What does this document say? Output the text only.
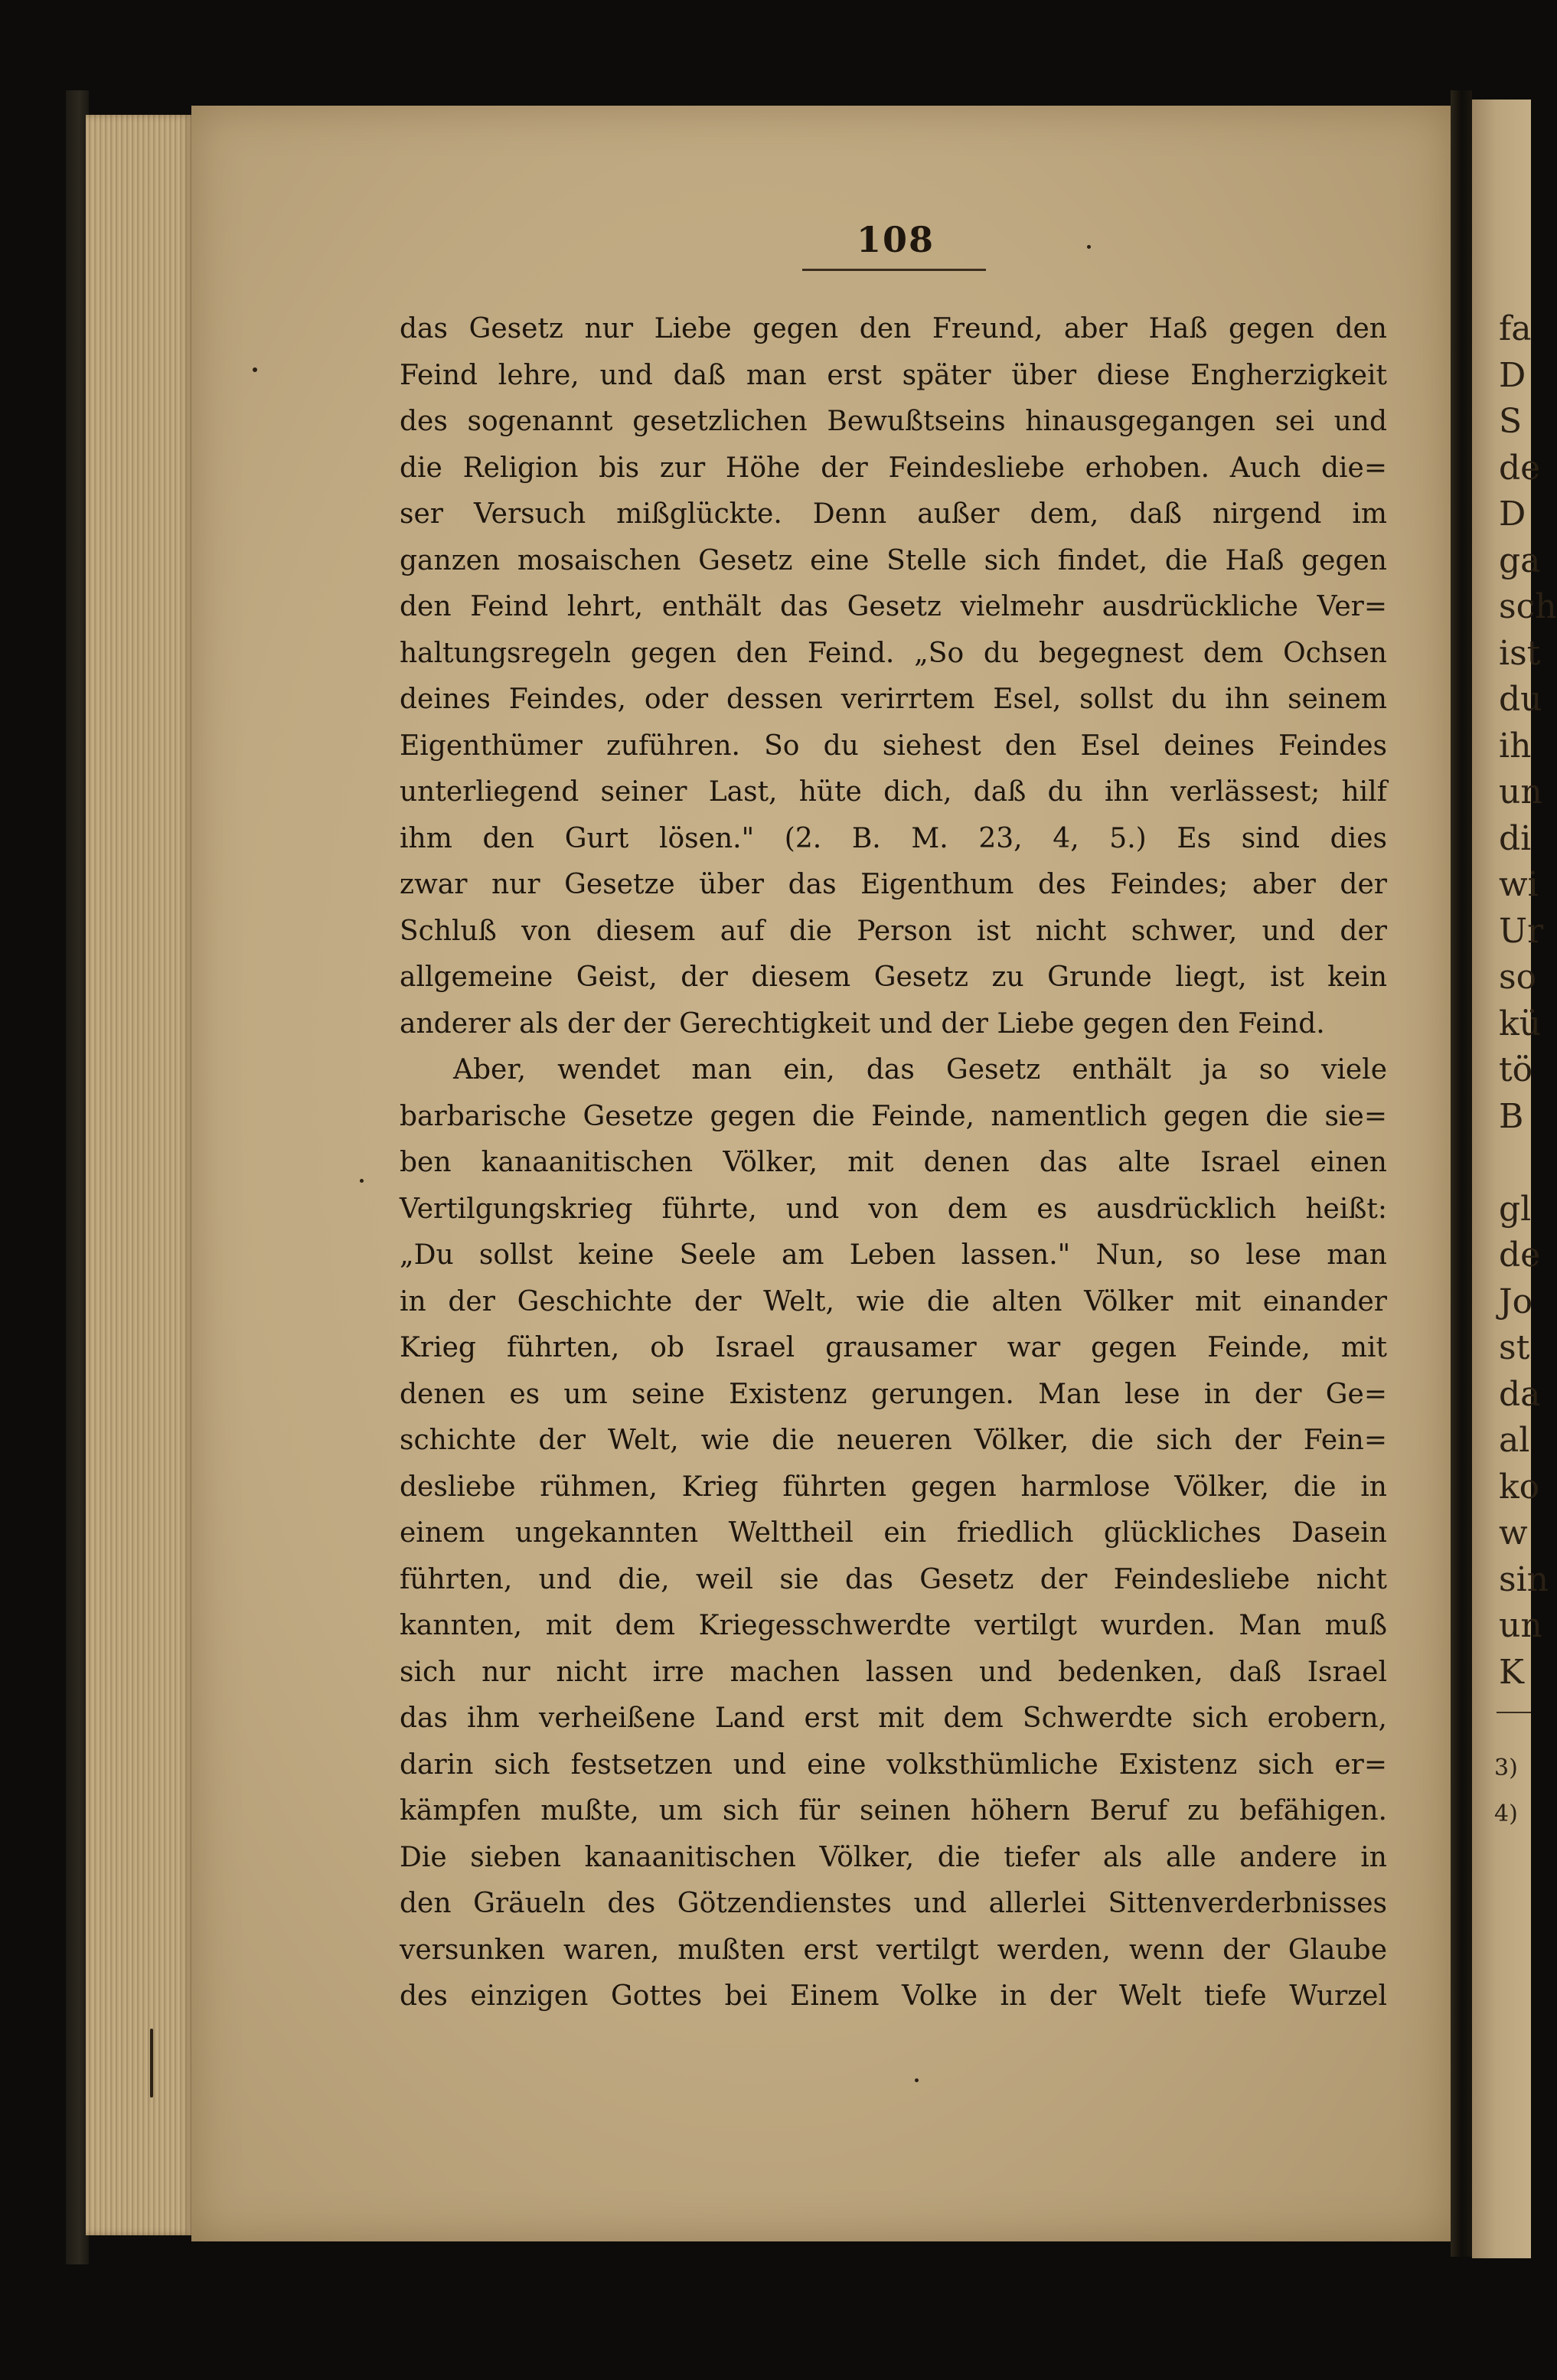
108
das Gesetz nur Liebe gegen den Freund, aber Haß gegen den
Feind lehre, und daß man erst später über diese Engherzigkeit
des sogenannt gesetzlichen Bewußtseins hinausgegangen sei und
die Religion bis zur Höhe der Feindesliebe erhoben. Auch die=
ser Versuch mißglückte. Denn außer dem, daß nirgend im
ganzen mosaischen Gesetz eine Stelle sich findet, die Haß gegen
den Feind lehrt, enthält das Gesetz vielmehr ausdrückliche Ver=
haltungsregeln gegen den Feind. „So du begegnest dem Ochsen
deines Feindes, oder dessen verirrtem Esel, sollst du ihn seinem
Eigenthümer zuführen. So du siehest den Esel deines Feindes
unterliegend seiner Last, hüte dich, daß du ihn verlässest; hilf
ihm den Gurt lösen." (2. B. M. 23, 4, 5.) Es sind dies
zwar nur Gesetze über das Eigenthum des Feindes; aber der
Schluß von diesem auf die Person ist nicht schwer, und der
allgemeine Geist, der diesem Gesetz zu Grunde liegt, ist kein
anderer als der der Gerechtigkeit und der Liebe gegen den Feind.
Aber, wendet man ein, das Gesetz enthält ja so viele
barbarische Gesetze gegen die Feinde, namentlich gegen die sie=
ben kanaanitischen Völker, mit denen das alte Israel einen
Vertilgungskrieg führte, und von dem es ausdrücklich heißt:
„Du sollst keine Seele am Leben lassen." Nun, so lese man
in der Geschichte der Welt, wie die alten Völker mit einander
Krieg führten, ob Israel grausamer war gegen Feinde, mit
denen es um seine Existenz gerungen. Man lese in der Ge=
schichte der Welt, wie die neueren Völker, die sich der Fein=
desliebe rühmen, Krieg führten gegen harmlose Völker, die in
einem ungekannten Welttheil ein friedlich glückliches Dasein
führten, und die, weil sie das Gesetz der Feindesliebe nicht
kannten, mit dem Kriegesschwerdte vertilgt wurden. Man muß
sich nur nicht irre machen lassen und bedenken, daß Israel
das ihm verheißene Land erst mit dem Schwerdte sich erobern,
darin sich festsetzen und eine volksthümliche Existenz sich er=
kämpfen mußte, um sich für seinen höhern Beruf zu befähigen.
Die sieben kanaanitischen Völker, die tiefer als alle andere in
den Gräueln des Götzendienstes und allerlei Sittenverderbnisses
versunken waren, mußten erst vertilgt werden, wenn der Glaube
des einzigen Gottes bei Einem Volke in der Welt tiefe Wurzel
fa
D
S
de
D
ga
sch
ist
du
ih
un
di
wi
Ur
so
kü
tö
B
gl
de
Jo
st
da
al
ko
w
sin
un
K
3)
4)
